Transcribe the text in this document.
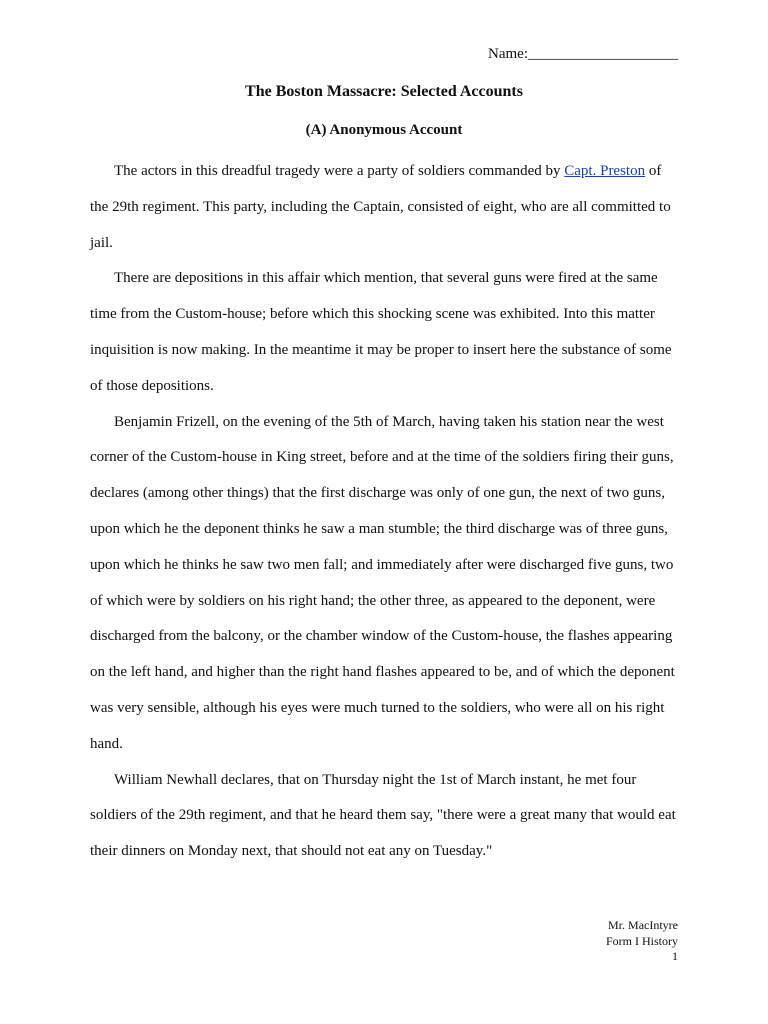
Name:____________________
The Boston Massacre: Selected Accounts
(A) Anonymous Account

The actors in this dreadful tragedy were a party of soldiers commanded by Capt. Preston of the 29th regiment. This party, including the Captain, consisted of eight, who are all committed to jail.

There are depositions in this affair which mention, that several guns were fired at the same time from the Custom-house; before which this shocking scene was exhibited. Into this matter inquisition is now making. In the meantime it may be proper to insert here the substance of some of those depositions.

Benjamin Frizell, on the evening of the 5th of March, having taken his station near the west corner of the Custom-house in King street, before and at the time of the soldiers firing their guns, declares (among other things) that the first discharge was only of one gun, the next of two guns, upon which he the deponent thinks he saw a man stumble; the third discharge was of three guns, upon which he thinks he saw two men fall; and immediately after were discharged five guns, two of which were by soldiers on his right hand; the other three, as appeared to the deponent, were discharged from the balcony, or the chamber window of the Custom-house, the flashes appearing on the left hand, and higher than the right hand flashes appeared to be, and of which the deponent was very sensible, although his eyes were much turned to the soldiers, who were all on his right hand.

William Newhall declares, that on Thursday night the 1st of March instant, he met four soldiers of the 29th regiment, and that he heard them say, "there were a great many that would eat their dinners on Monday next, that should not eat any on Tuesday."

Mr. MacIntyre
Form I History
1
